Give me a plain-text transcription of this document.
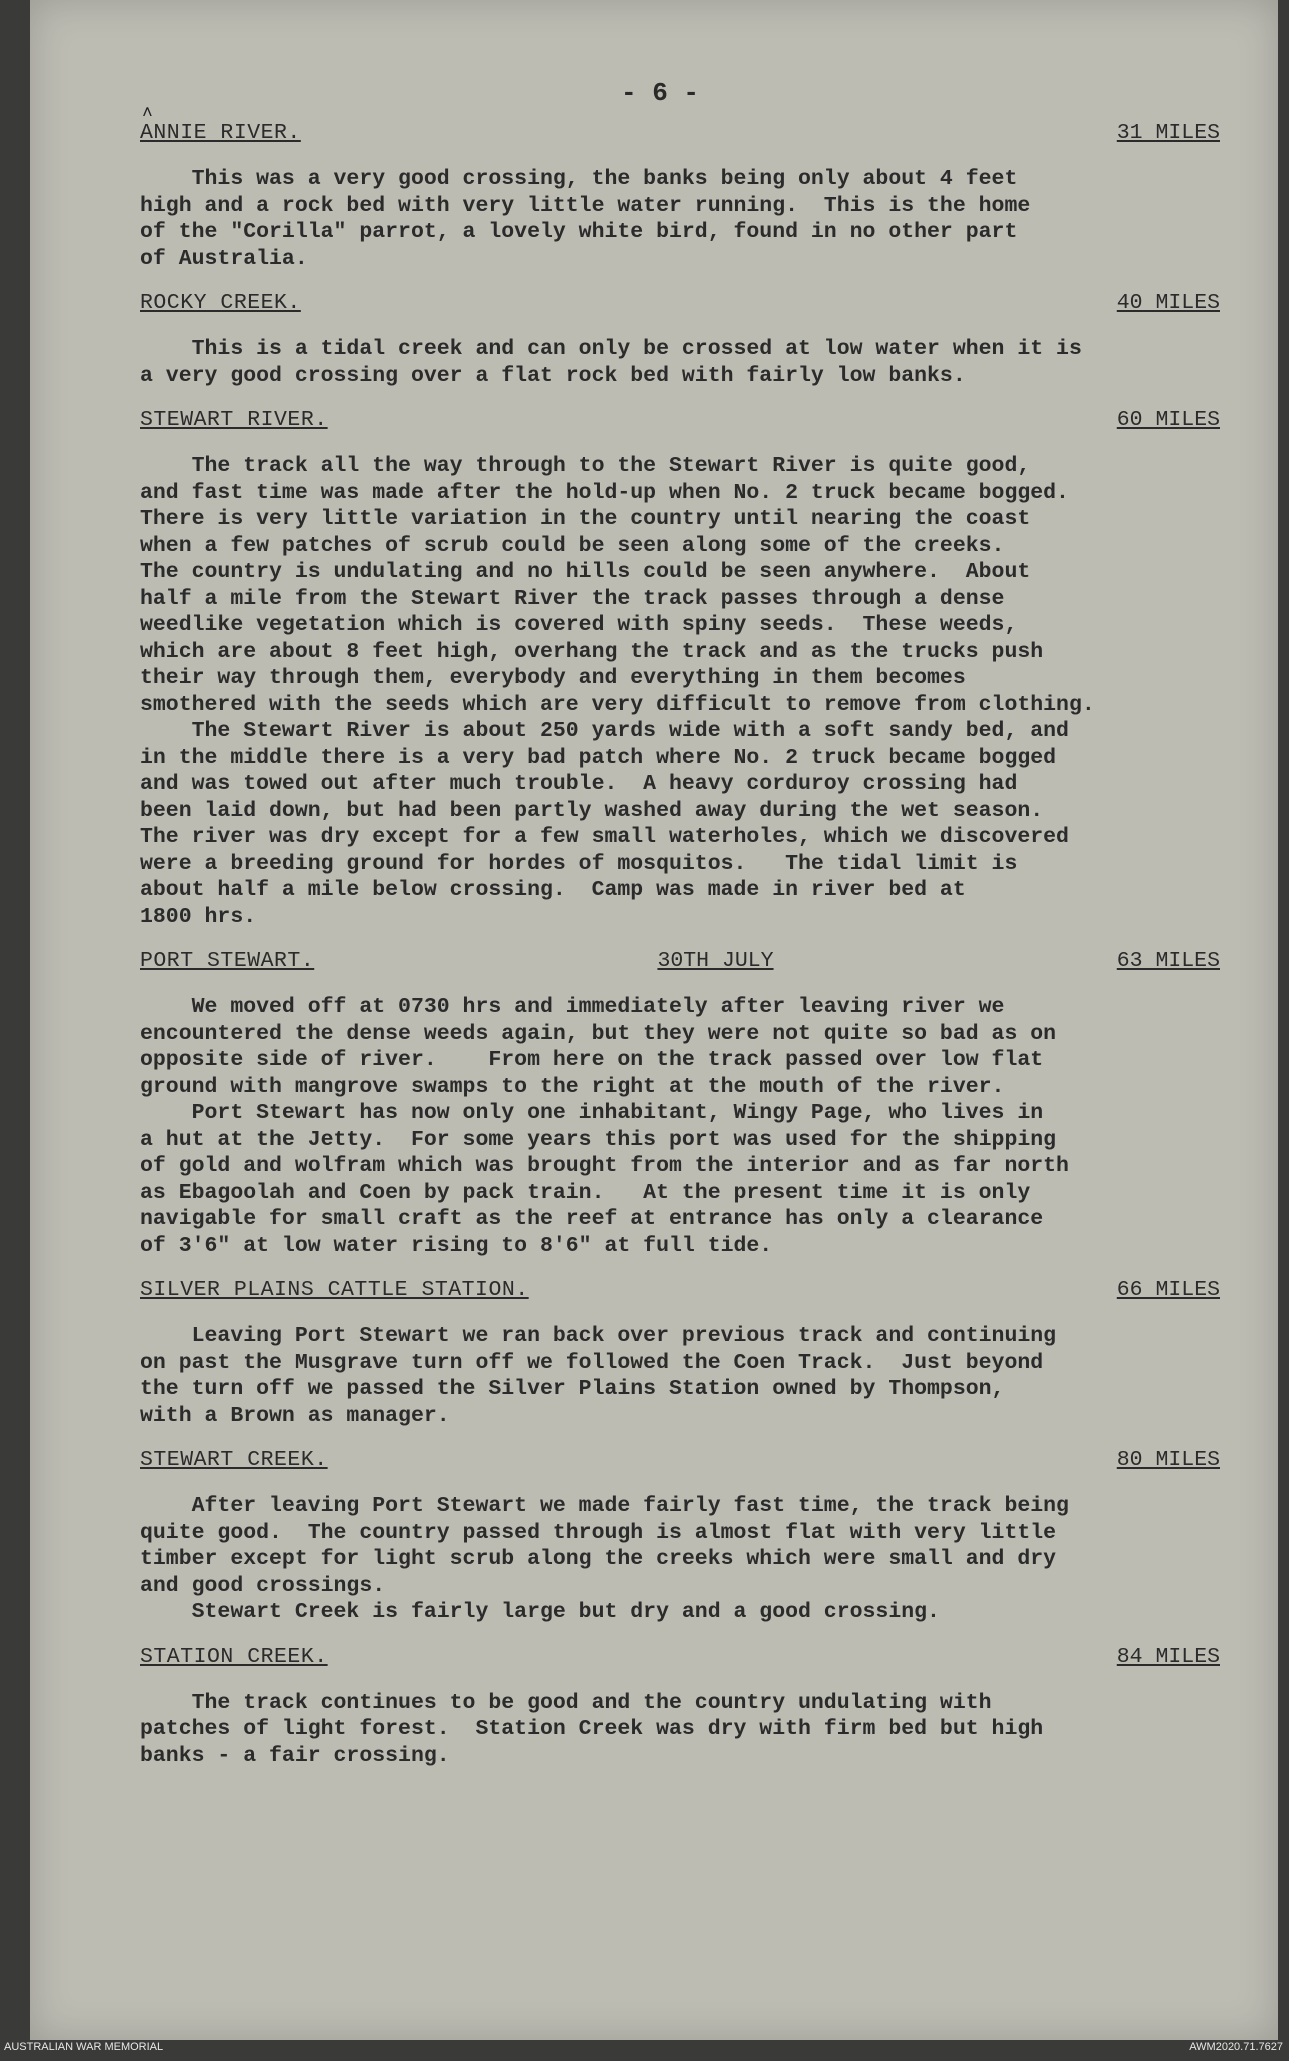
˄
- 6 -
ANNIE RIVER.	31 MILES

This was a very good crossing, the banks being only about 4 feet
high and a rock bed with very little water running.  This is the home
of the "Corilla" parrot, a lovely white bird, found in no other part
of Australia.

ROCKY CREEK.	40 MILES

This is a tidal creek and can only be crossed at low water when it is
a very good crossing over a flat rock bed with fairly low banks.

STEWART RIVER.	60 MILES

The track all the way through to the Stewart River is quite good,
and fast time was made after the hold-up when No. 2 truck became bogged.
There is very little variation in the country until nearing the coast
when a few patches of scrub could be seen along some of the creeks.
The country is undulating and no hills could be seen anywhere.  About
half a mile from the Stewart River the track passes through a dense
weedlike vegetation which is covered with spiny seeds.  These weeds,
which are about 8 feet high, overhang the track and as the trucks push
their way through them, everybody and everything in them becomes
smothered with the seeds which are very difficult to remove from clothing.
The Stewart River is about 250 yards wide with a soft sandy bed, and
in the middle there is a very bad patch where No. 2 truck became bogged
and was towed out after much trouble.  A heavy corduroy crossing had
been laid down, but had been partly washed away during the wet season.
The river was dry except for a few small waterholes, which we discovered
were a breeding ground for hordes of mosquitos.   The tidal limit is
about half a mile below crossing.  Camp was made in river bed at
1800 hrs.

PORT STEWART.	30TH JULY	63 MILES

We moved off at 0730 hrs and immediately after leaving river we
encountered the dense weeds again, but they were not quite so bad as on
opposite side of river.    From here on the track passed over low flat
ground with mangrove swamps to the right at the mouth of the river.
Port Stewart has now only one inhabitant, Wingy Page, who lives in
a hut at the Jetty.  For some years this port was used for the shipping
of gold and wolfram which was brought from the interior and as far north
as Ebagoolah and Coen by pack train.   At the present time it is only
navigable for small craft as the reef at entrance has only a clearance
of 3'6" at low water rising to 8'6" at full tide.

SILVER PLAINS CATTLE STATION.	66 MILES

Leaving Port Stewart we ran back over previous track and continuing
on past the Musgrave turn off we followed the Coen Track.  Just beyond
the turn off we passed the Silver Plains Station owned by Thompson,
with a Brown as manager.

STEWART CREEK.	80 MILES

After leaving Port Stewart we made fairly fast time, the track being
quite good.  The country passed through is almost flat with very little
timber except for light scrub along the creeks which were small and dry
and good crossings.
Stewart Creek is fairly large but dry and a good crossing.

STATION CREEK.	84 MILES

The track continues to be good and the country undulating with
patches of light forest.  Station Creek was dry with firm bed but high
banks - a fair crossing.

AUSTRALIAN WAR MEMORIAL	AWM2020.71.7627
